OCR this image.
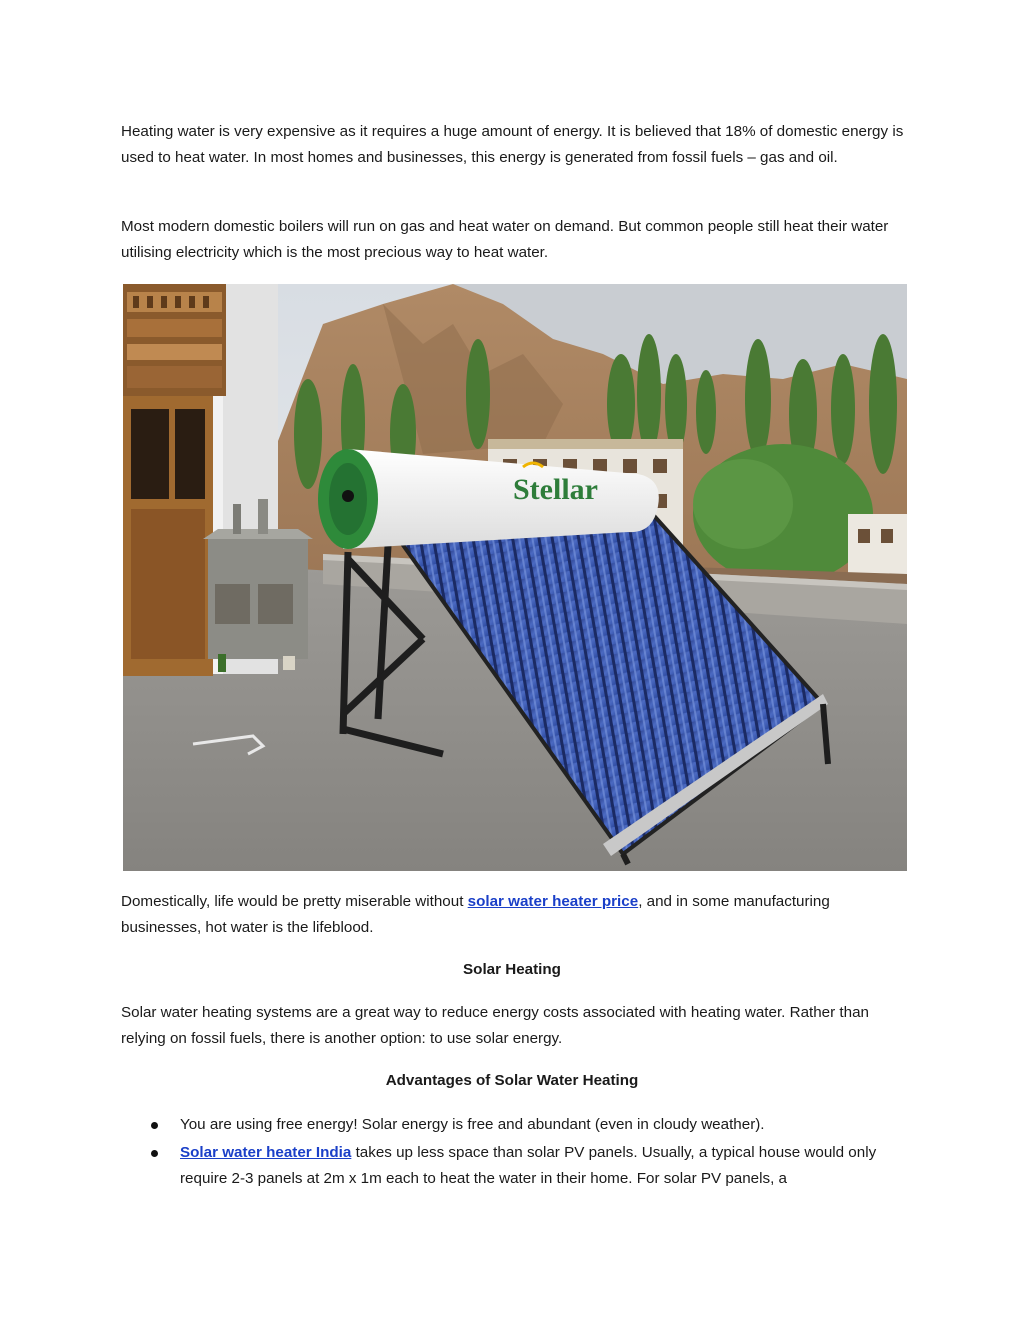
Heating water is very expensive as it requires a huge amount of energy. It is believed that 18% of domestic energy is used to heat water. In most homes and businesses, this energy is generated from fossil fuels – gas and oil.

Most modern domestic boilers will run on gas and heat water on demand. But common people still heat their water utilising electricity which is the most precious way to heat water.

Stellar

Domestically, life would be pretty miserable without solar water heater price, and in some manufacturing businesses, hot water is the lifeblood.

Solar Heating

Solar water heating systems are a great way to reduce energy costs associated with heating water. Rather than relying on fossil fuels, there is another option: to use solar energy.

Advantages of Solar Water Heating

You are using free energy! Solar energy is free and abundant (even in cloudy weather).
Solar water heater India takes up less space than solar PV panels. Usually, a typical house would only require 2-3 panels at 2m x 1m each to heat the water in their home. For solar PV panels, a
